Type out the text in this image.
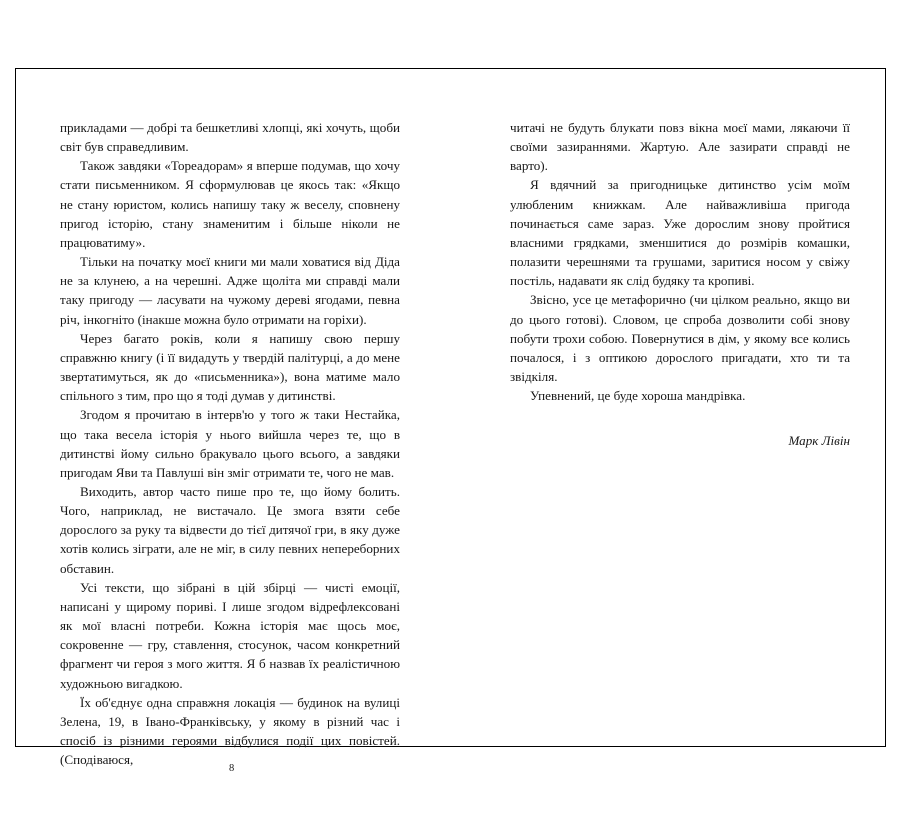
прикладами — добрі та бешкетливі хлопці, які хочуть, щоби світ був справедливим.

Також завдяки «Тореадорам» я вперше подумав, що хочу стати письменником. Я сформулював це якось так: «Якщо не стану юристом, колись напишу таку ж веселу, сповнену пригод історію, стану знаменитим і більше ніколи не працюватиму».

Тільки на початку моєї книги ми мали ховатися від Діда не за клунею, а на черешні. Адже щоліта ми справді мали таку пригоду — ласувати на чужому дереві ягодами, певна річ, інкогніто (інакше можна було отримати на горіхи).

Через багато років, коли я напишу свою першу справжню книгу (і її видадуть у твердій палітурці, а до мене звертатимуться, як до «письменника»), вона матиме мало спільного з тим, про що я тоді думав у дитинстві.

Згодом я прочитаю в інтерв'ю у того ж таки Нестайка, що така весела історія у нього вийшла через те, що в дитинстві йому сильно бракувало цього всього, а завдяки пригодам Яви та Павлуші він зміг отримати те, чого не мав.

Виходить, автор часто пише про те, що йому болить. Чого, наприклад, не вистачало. Це змога взяти себе дорослого за руку та відвести до тієї дитячої гри, в яку дуже хотів колись зіграти, але не міг, в силу певних непереборних обставин.

Усі тексти, що зібрані в цій збірці — чисті емоції, написані у щирому пориві. І лише згодом відрефлексовані як мої власні потреби. Кожна історія має щось моє, сокровенне — гру, ставлення, стосунок, часом конкретний фрагмент чи героя з мого життя. Я б назвав їх реалістичною художньою вигадкою.

Їх об'єднує одна справжня локація — будинок на вулиці Зелена, 19, в Івано-Франківську, у якому в різний час і спосіб із різними героями відбулися події цих повістей. (Сподіваюся,

читачі не будуть блукати повз вікна моєї мами, лякаючи її своїми зазираннями. Жартую. Але зазирати справді не варто).

Я вдячний за пригодницьке дитинство усім моїм улюбленим книжкам. Але найважливіша пригода починається саме зараз. Уже дорослим знову пройтися власними грядками, зменшитися до розмірів комашки, полазити черешнями та грушами, заритися носом у свіжу постіль, надавати як слід будяку та кропиві.

Звісно, усе це метафорично (чи цілком реально, якщо ви до цього готові). Словом, це спроба дозволити собі знову побути трохи собою. Повернутися в дім, у якому все колись почалося, і з оптикою дорослого пригадати, хто ти та звідкіля.

Упевнений, це буде хороша мандрівка.

Марк Лівін

8
